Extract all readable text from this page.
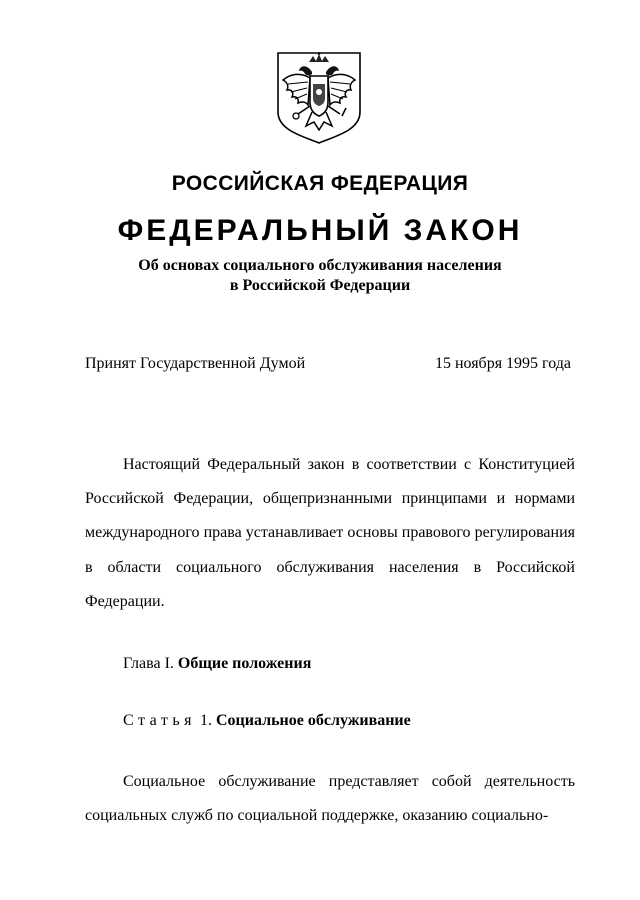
РОССИЙСКАЯ ФЕДЕРАЦИЯ
ФЕДЕРАЛЬНЫЙ ЗАКОН
Об основах социального обслуживания населения
в Российской Федерации
Принят Государственной Думой	15 ноября 1995 года

Настоящий Федеральный закон в соответствии с Конституцией Российской Федерации, общепризнанными принципами и нормами международного права устанавливает основы правового регулирования в области социального обслуживания населения в Российской Федерации.

Глава I. Общие положения
Статья 1. Социальное обслуживание

Социальное обслуживание представляет собой деятельность социальных служб по социальной поддержке, оказанию социально-
